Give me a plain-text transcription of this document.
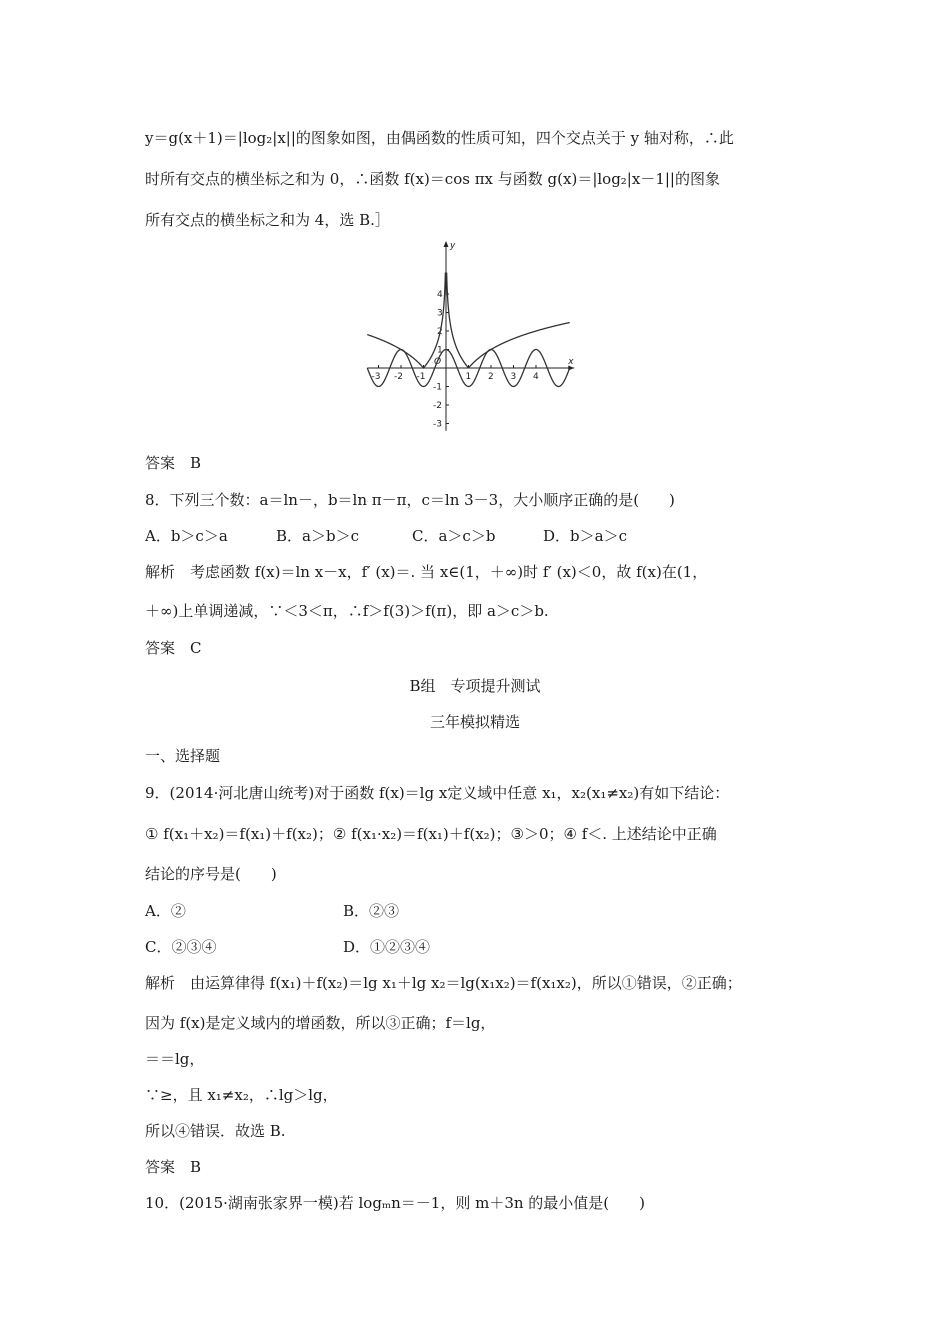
y＝g(x＋1)＝|log₂|x||的图象如图，由偶函数的性质可知，四个交点关于 y 轴对称，∴此
时所有交点的横坐标之和为 0，∴函数 f(x)＝cos πx 与函数 g(x)＝|log₂|x－1||的图象
所有交点的横坐标之和为 4，选 B.］
x
y
O
-3 -2 -1	1 2 3 4
4
3
2
1
-1
-2
-3
答案　B
8．下列三个数：a＝ln－，b＝ln π－π，c＝ln 3－3，大小顺序正确的是(　　)
A．b＞c＞a	B．a＞b＞c	C．a＞c＞b	D．b＞a＞c
解析　考虑函数 f(x)＝ln x－x，f′ (x)＝. 当 x∈(1，＋∞)时 f′ (x)＜0，故 f(x)在(1，
＋∞)上单调递减，∵＜3＜π，∴f＞f(3)＞f(π)，即 a＞c＞b.
答案　C
B组　专项提升测试
三年模拟精选
一、选择题
9．(2014·河北唐山统考)对于函数 f(x)＝lg x定义域中任意 x₁，x₂(x₁≠x₂)有如下结论：
① f(x₁＋x₂)＝f(x₁)＋f(x₂)；② f(x₁·x₂)＝f(x₁)＋f(x₂)；③＞0；④ f＜. 上述结论中正确
结论的序号是(　　)
A．②	B．②③
C．②③④	D．①②③④
解析　由运算律得 f(x₁)＋f(x₂)＝lg x₁＋lg x₂＝lg(x₁x₂)＝f(x₁x₂)，所以①错误，②正确；
因为 f(x)是定义域内的增函数，所以③正确；f＝lg，
＝＝lg，
∵≥，且 x₁≠x₂，∴lg＞lg，
所以④错误．故选 B.
答案　B
10．(2015·湖南张家界一模)若 logₘn＝－1，则 m＋3n 的最小值是(　　)
